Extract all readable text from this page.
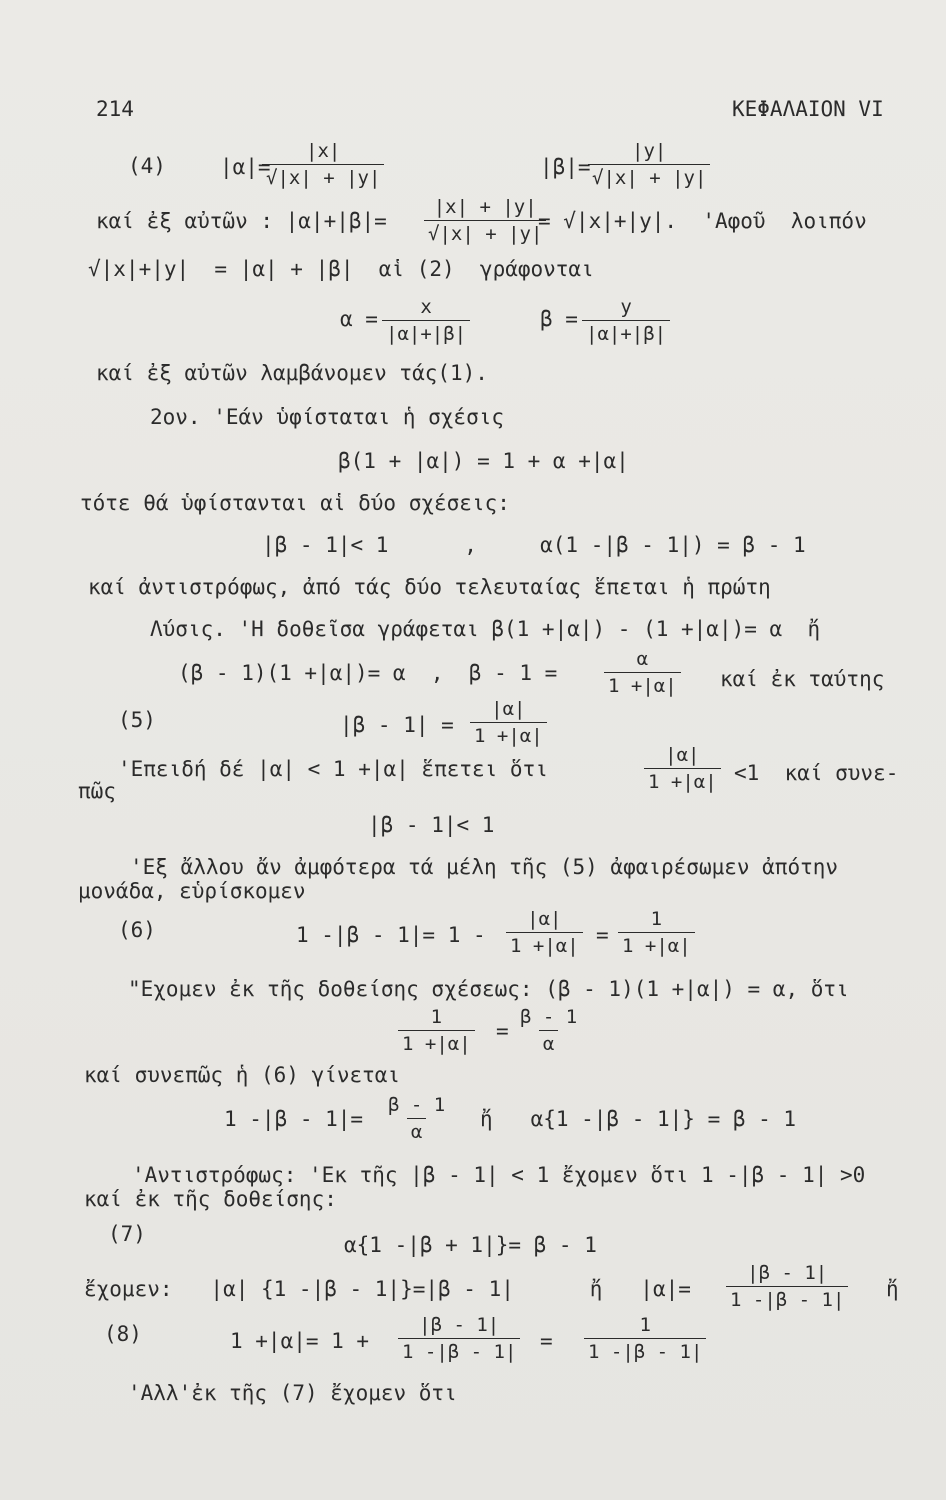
214	ΚΕΦΑΛΑΙΟΝ VI
(4)	|α|=
$\frac{|x|}{√|x| + |y|}$	|β|=
$\frac{|y|}{√|x| + |y|}$
καί ἐξ αὐτῶν : $|\alpha|+|\beta|= \frac{|x| + |y|}{√|x| + |y|}$
= √|x|+|y|.  'Αφοῦ  λοιπόν
√|x|+|y|  = |α| + |β|  αἱ (2)  γράφονται
$\alpha = \frac{x}{|\alpha|+|\beta|}$	$\beta = \frac{y}{|\alpha|+|\beta|}$
καί ἐξ αὐτῶν λαμβάνομεν τάς(1).
2ον. 'Εάν ὑφίσταται ἡ σχέσις
β(1 + |α|) = 1 + α +|α|
τότε θά ὑφίστανται αἱ δύο σχέσεις:
|β - 1|< 1      ,     α(1 -|β - 1|) = β - 1
καί ἀντιστρόφως, ἀπό τάς δύο τελευταίας ἕπεται ἡ πρώτη
Λύσις. 'Η δοθεῖσα γράφεται β(1 +|α|) - (1 +|α|)= α  ἤ
(β - 1)(1 +|α|)= α  ,  $\beta - 1 = \frac{\alpha}{1 +|\alpha|}$ καί ἐκ ταύτης
(5)	$|\beta - 1| = \frac{|\alpha|}{1 +|\alpha|}$
'Επειδή δέ |α| < 1 +|α| ἕπετει ὅτι	$\frac{|\alpha|}{1 +|\alpha|} <1$  καί συνε-
πῶς
|β - 1|< 1
'Εξ ἄλλου ἄν ἀμφότερα τά μέλη τῆς (5) ἀφαιρέσωμεν ἀπότην
μονάδα, εὑρίσκομεν
(6)	1 $-|\beta - 1|= 1 - \frac{|\alpha|}{1 +|\alpha|} = \frac{1}{1 +|\alpha|}$
"Εχομεν ἐκ τῆς δοθείσης σχέσεως: (β - 1)(1 +|α|) = α, ὅτι
$\frac{1}{1 +|\alpha|} = \frac{\beta - 1}{\alpha}$
καί συνεπῶς ἡ (6) γίνεται
1 $-|\beta - 1|= \frac{\beta - 1}{\alpha}$ ἤ   α{1 -|β - 1|} = β - 1
'Αντιστρόφως: 'Εκ τῆς |β - 1| < 1 ἔχομεν ὅτι 1 -|β - 1| >0
καί ἐκ τῆς δοθείσης:
(7)	α{1 -|β + 1|}= β - 1
ἔχομεν:   |α| {1 -|β - 1|}=|β - 1|      ἤ   $|\alpha|= \frac{|\beta - 1|}{1 -|\beta - 1|}$ ἤ
(8)	$1 +|\alpha|= 1 + \frac{|\beta - 1|}{1 -|\beta - 1|} = \frac{1}{1 -|\beta - 1|}$
'Αλλ'ἐκ τῆς (7) ἔχομεν ὅτι
